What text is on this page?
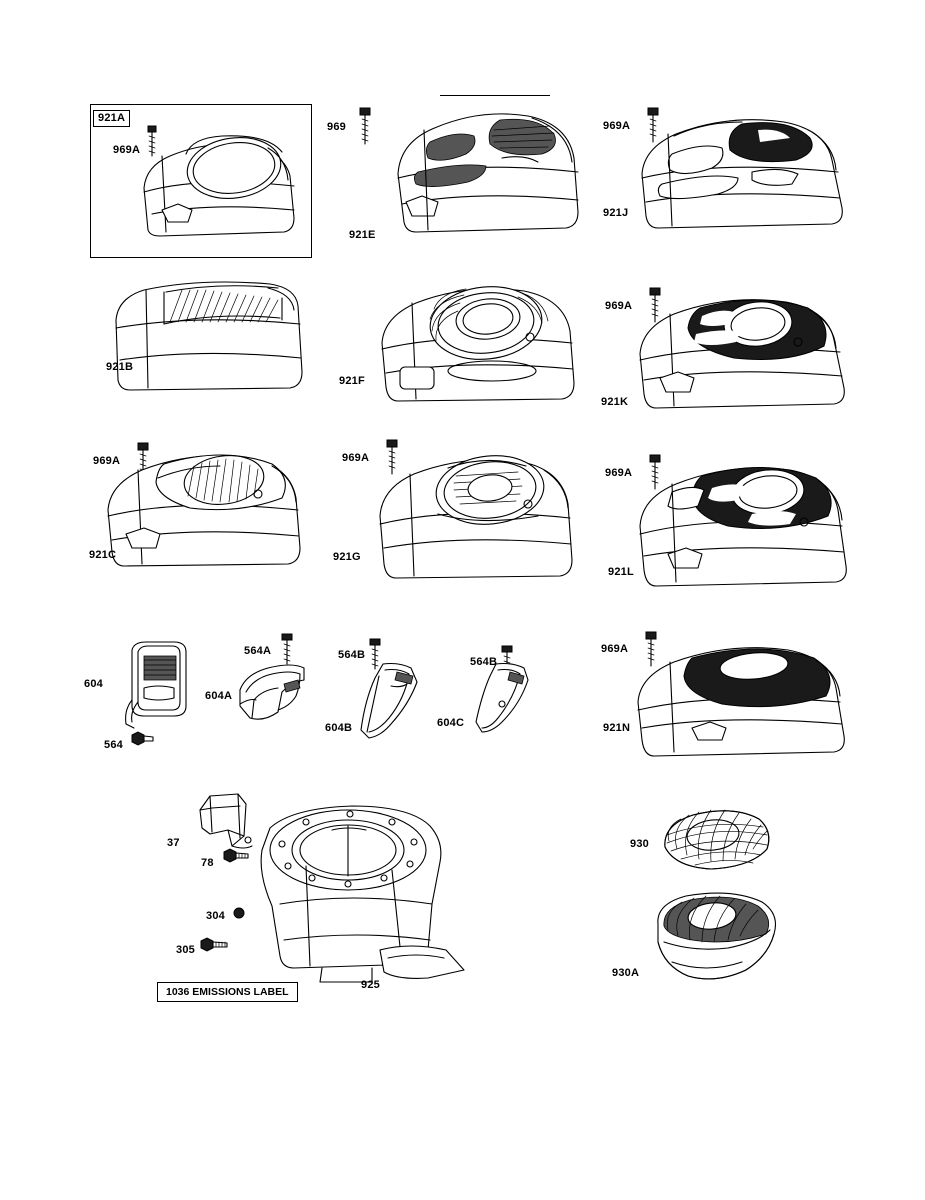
921A
969A
969
921E
969A
921J
921B
921F
969A
921K
969A
921C
969A
921G
969A
921L
604
564
564A
604A
564B
604B
564B
604C
969A
921N
37
78
304
305
925
930
930A
1036 EMISSIONS LABEL
